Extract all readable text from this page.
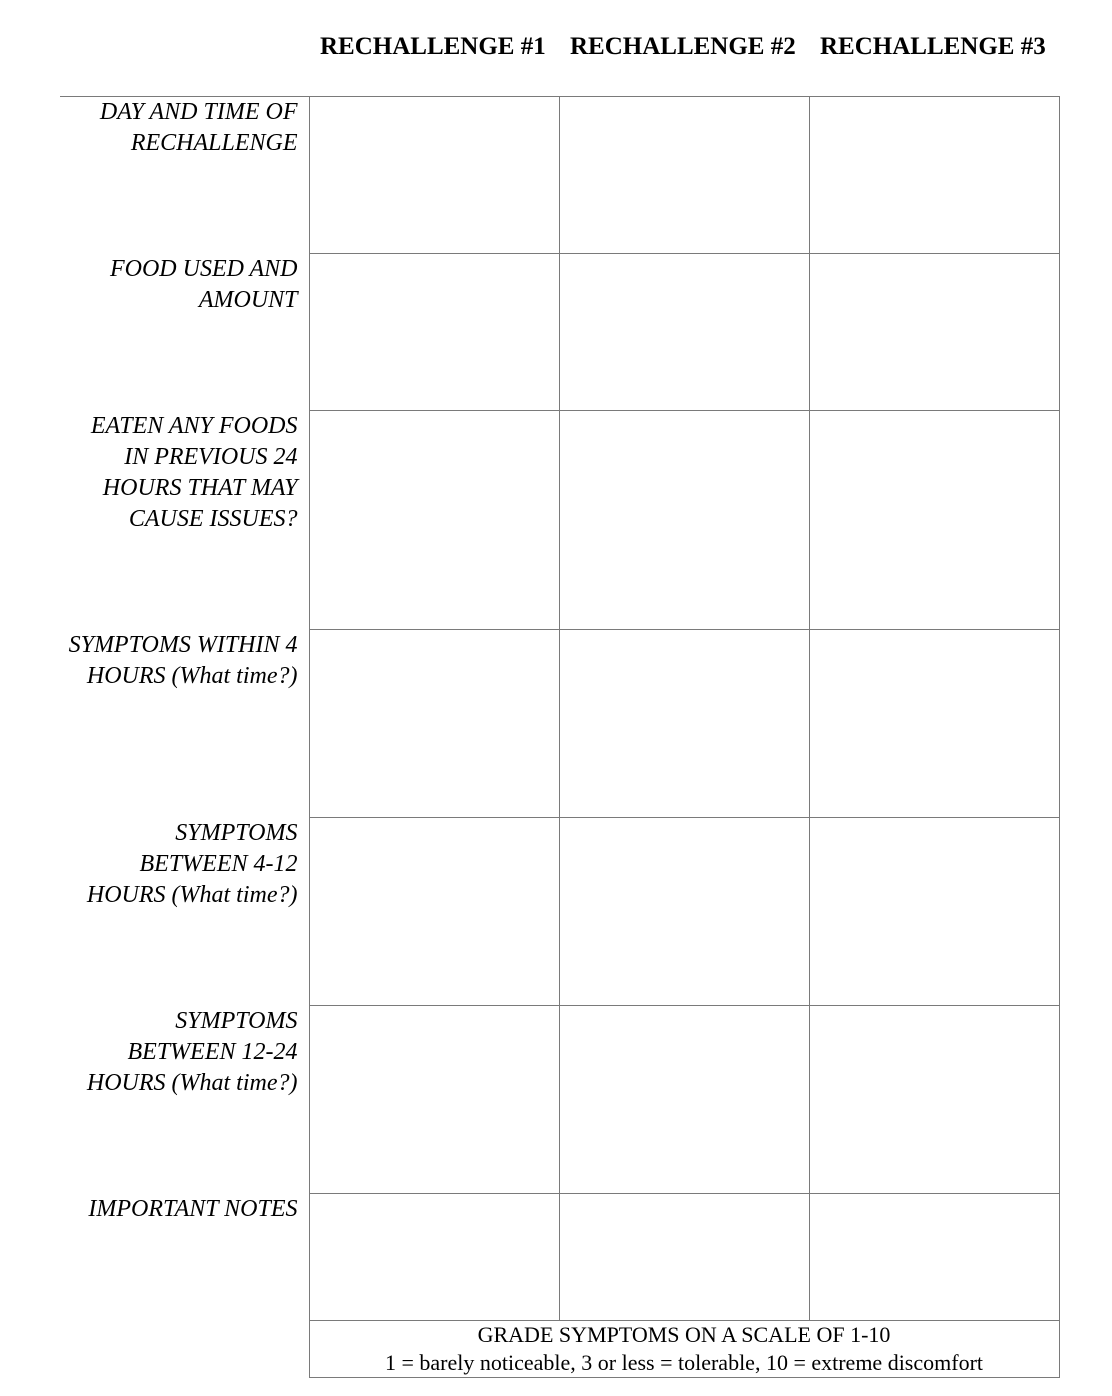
	RECHALLENGE #1	RECHALLENGE #2	RECHALLENGE #3
DAY AND TIME OF RECHALLENGE			
FOOD USED AND AMOUNT			
EATEN ANY FOODS IN PREVIOUS 24 HOURS THAT MAY CAUSE ISSUES?			
SYMPTOMS WITHIN 4 HOURS (What time?)			
SYMPTOMS BETWEEN 4-12 HOURS (What time?)			
SYMPTOMS BETWEEN 12-24 HOURS (What time?)			
IMPORTANT NOTES			

	GRADE SYMPTOMS ON A SCALE OF 1-10
1 = barely noticeable, 3 or less = tolerable, 10 = extreme discomfort		
